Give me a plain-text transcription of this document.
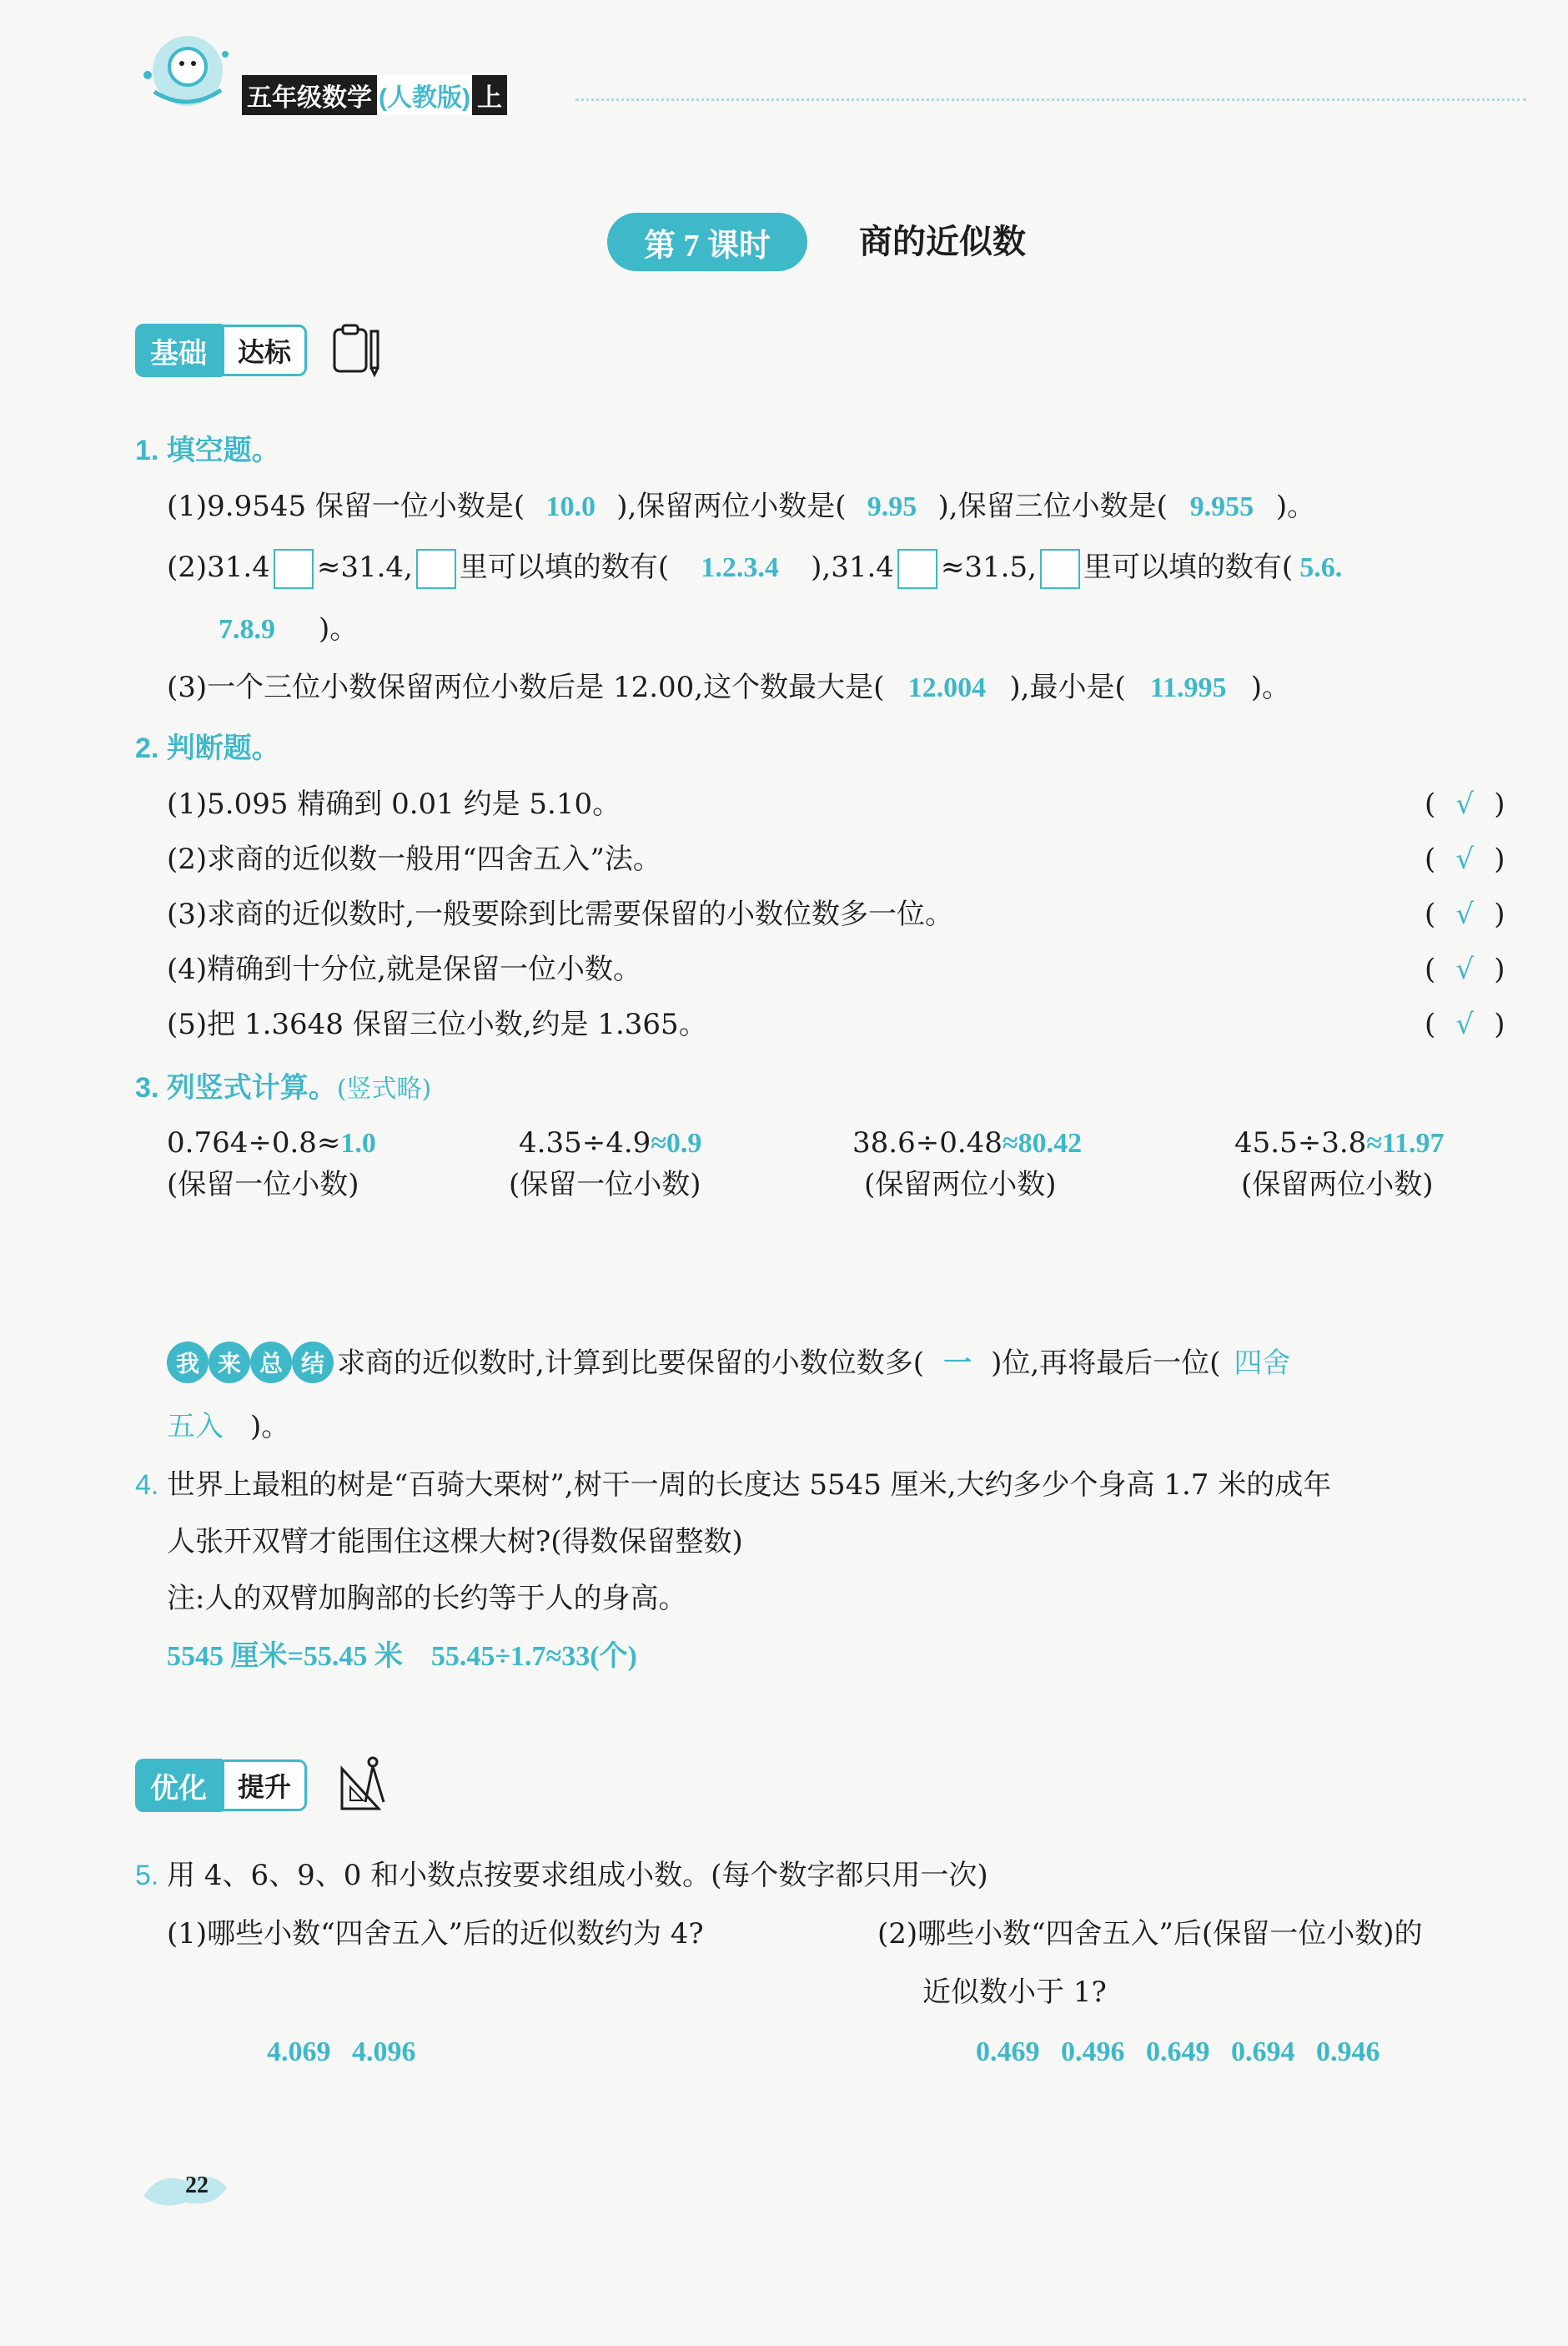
五年级数学 (人教版) 上
第 7 课时	商的近似数
基础	达标
1. 填空题。
(1)9.9545 保留一位小数是( 10.0 ),保留两位小数是( 9.95 ),保留三位小数是( 9.955 )。
(2)31.4 ≈31.4, 里可以填的数有( 1.2.3.4 ),31.4 ≈31.5, 里可以填的数有( 5.6.
7.8.9 )。
(3)一个三位小数保留两位小数后是 12.00,这个数最大是( 12.004 ),最小是( 11.995 )。
2. 判断题。
(1)5.095 精确到 0.01 约是 5.10。	( √ )
(2)求商的近似数一般用“四舍五入”法。	( √ )
(3)求商的近似数时,一般要除到比需要保留的小数位数多一位。	( √ )
(4)精确到十分位,就是保留一位小数。	( √ )
(5)把 1.3648 保留三位小数,约是 1.365。	( √ )
3. 列竖式计算。(竖式略)
0.764÷0.8≈1.0
(保留一位小数)
4.35÷4.9≈0.9
(保留一位小数)
38.6÷0.48≈80.42
(保留两位小数)
45.5÷3.8≈11.97
(保留两位小数)
我 来 总 结 求商的近似数时,计算到比要保留的小数位数多( 一 )位,再将最后一位( 四舍
五入 )。
4. 世界上最粗的树是“百骑大栗树”,树干一周的长度达 5545 厘米,大约多少个身高 1.7 米的成年
人张开双臂才能围住这棵大树?(得数保留整数)
注:人的双臂加胸部的长约等于人的身高。
5545 厘米=55.45 米    55.45÷1.7≈33(个)
优化	提升
5. 用 4、6、9、0 和小数点按要求组成小数。(每个数字都只用一次)
(1)哪些小数“四舍五入”后的近似数约为 4?	(2)哪些小数“四舍五入”后(保留一位小数)的
近似数小于 1?
4.069   4.096	0.469   0.496   0.649   0.694   0.946
22
